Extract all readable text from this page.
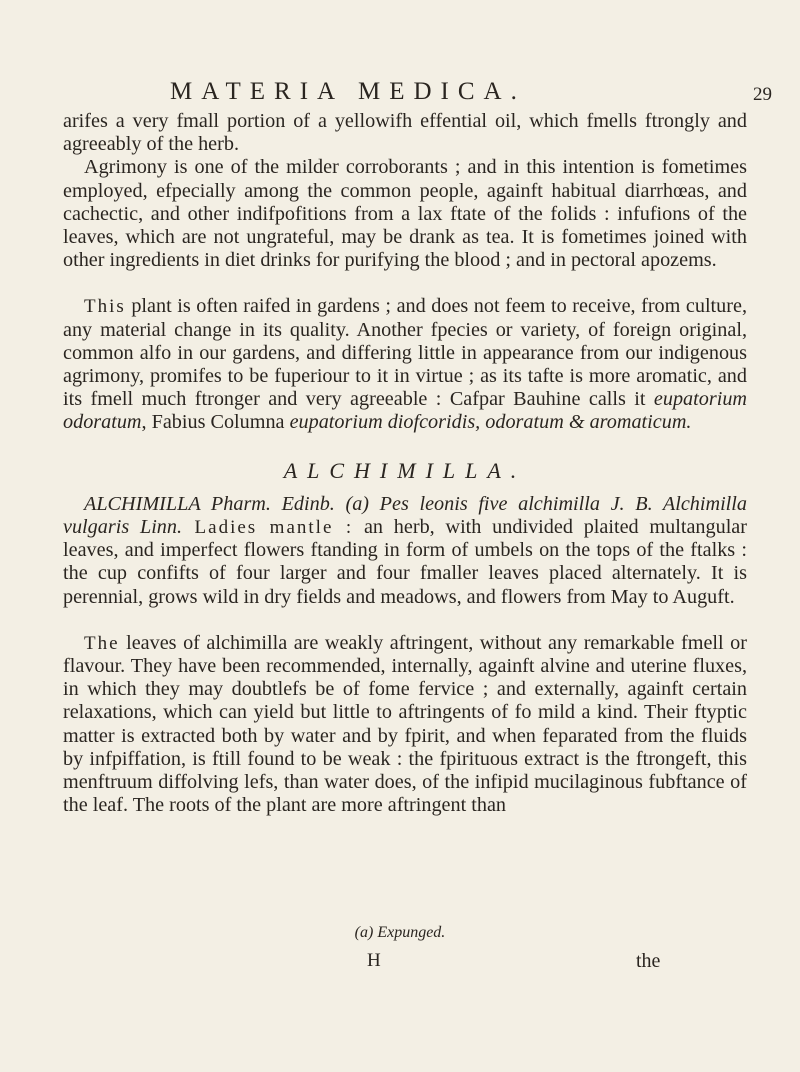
MATERIA MEDICA.	29

arifes a very fmall portion of a yellowifh effential oil, which fmells ftrongly and agreeably of the herb.

Agrimony is one of the milder corroborants ; and in this intention is fometimes employed, efpecially among the common people, againft habitual diarrhœas, and cachectic, and other indifpofitions from a lax ftate of the folids : infufions of the leaves, which are not ungrateful, may be drank as tea. It is fometimes joined with other ingredients in diet drinks for purifying the blood ; and in pectoral apozems.

This plant is often raifed in gardens ; and does not feem to receive, from culture, any material change in its quality. Another fpecies or variety, of foreign original, common alfo in our gardens, and differing little in appearance from our indigenous agrimony, promifes to be fuperiour to it in virtue ; as its tafte is more aromatic, and its fmell much ftronger and very agreeable : Cafpar Bauhine calls it eupatorium odoratum, Fabius Columna eupatorium diofcoridis, odoratum & aromaticum.

ALCHIMILLA.

ALCHIMILLA Pharm. Edinb. (a) Pes leonis five alchimilla J. B. Alchimilla vulgaris Linn. Ladies mantle : an herb, with undivided plaited multangular leaves, and imperfect flowers ftanding in form of umbels on the tops of the ftalks : the cup confifts of four larger and four fmaller leaves placed alternately. It is perennial, grows wild in dry fields and meadows, and flowers from May to Auguft.

The leaves of alchimilla are weakly aftringent, without any remarkable fmell or flavour. They have been recommended, internally, againft alvine and uterine fluxes, in which they may doubtlefs be of fome fervice ; and externally, againft certain relaxations, which can yield but little to aftringents of fo mild a kind. Their ftyptic matter is extracted both by water and by fpirit, and when feparated from the fluids by infpiffation, is ftill found to be weak : the fpirituous extract is the ftrongeft, this menftruum diffolving lefs, than water does, of the infipid mucilaginous fubftance of the leaf. The roots of the plant are more aftringent than

(a) Expunged.
H	the
